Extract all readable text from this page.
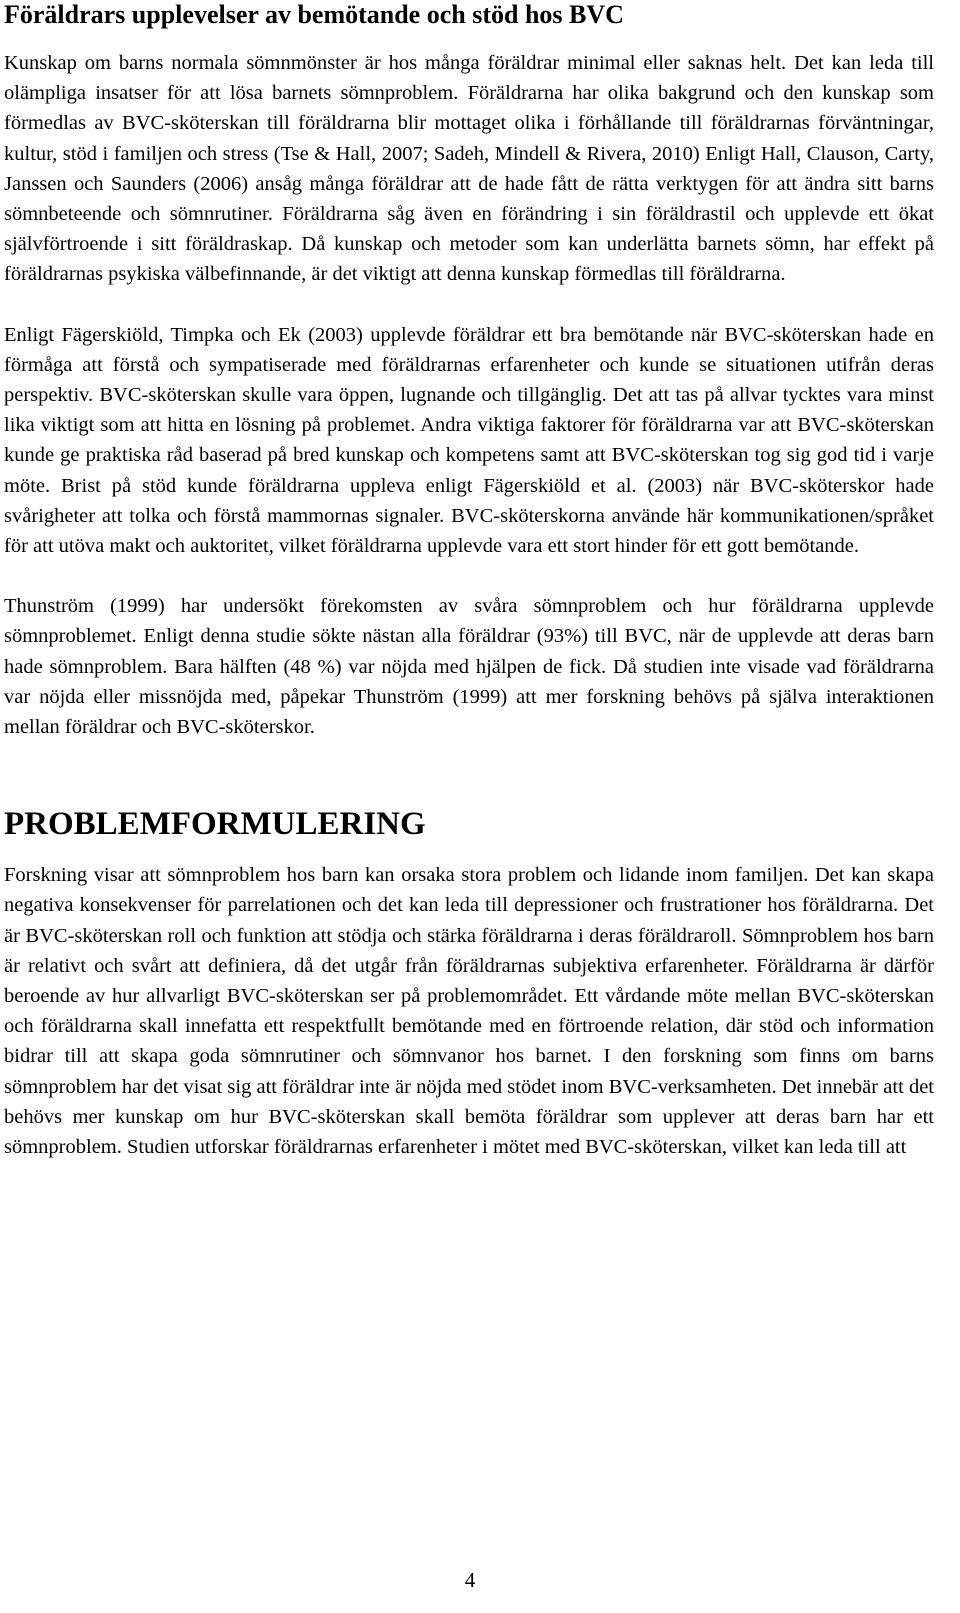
Föräldrars upplevelser av bemötande och stöd hos BVC

Kunskap om barns normala sömnmönster är hos många föräldrar minimal eller saknas helt. Det kan leda till olämpliga insatser för att lösa barnets sömnproblem. Föräldrarna har olika bakgrund och den kunskap som förmedlas av BVC-sköterskan till föräldrarna blir mottaget olika i förhållande till föräldrarnas förväntningar, kultur, stöd i familjen och stress (Tse & Hall, 2007; Sadeh, Mindell & Rivera, 2010) Enligt Hall, Clauson, Carty, Janssen och Saunders (2006) ansåg många föräldrar att de hade fått de rätta verktygen för att ändra sitt barns sömnbeteende och sömnrutiner. Föräldrarna såg även en förändring i sin föräldrastil och upplevde ett ökat självförtroende i sitt föräldraskap. Då kunskap och metoder som kan underlätta barnets sömn, har effekt på föräldrarnas psykiska välbefinnande, är det viktigt att denna kunskap förmedlas till föräldrarna.

Enligt Fägerskiöld, Timpka och Ek (2003) upplevde föräldrar ett bra bemötande när BVC-sköterskan hade en förmåga att förstå och sympatiserade med föräldrarnas erfarenheter och kunde se situationen utifrån deras perspektiv. BVC-sköterskan skulle vara öppen, lugnande och tillgänglig. Det att tas på allvar tycktes vara minst lika viktigt som att hitta en lösning på problemet. Andra viktiga faktorer för föräldrarna var att BVC-sköterskan kunde ge praktiska råd baserad på bred kunskap och kompetens samt att BVC-sköterskan tog sig god tid i varje möte. Brist på stöd kunde föräldrarna uppleva enligt Fägerskiöld et al. (2003) när BVC-sköterskor hade svårigheter att tolka och förstå mammornas signaler. BVC-sköterskorna använde här kommunikationen/språket för att utöva makt och auktoritet, vilket föräldrarna upplevde vara ett stort hinder för ett gott bemötande.

Thunström (1999) har undersökt förekomsten av svåra sömnproblem och hur föräldrarna upplevde sömnproblemet. Enligt denna studie sökte nästan alla föräldrar (93%) till BVC, när de upplevde att deras barn hade sömnproblem. Bara hälften (48 %) var nöjda med hjälpen de fick. Då studien inte visade vad föräldrarna var nöjda eller missnöjda med, påpekar Thunström (1999) att mer forskning behövs på själva interaktionen mellan föräldrar och BVC-sköterskor.

PROBLEMFORMULERING

Forskning visar att sömnproblem hos barn kan orsaka stora problem och lidande inom familjen. Det kan skapa negativa konsekvenser för parrelationen och det kan leda till depressioner och frustrationer hos föräldrarna. Det är BVC-sköterskan roll och funktion att stödja och stärka föräldrarna i deras föräldraroll. Sömnproblem hos barn är relativt och svårt att definiera, då det utgår från föräldrarnas subjektiva erfarenheter. Föräldrarna är därför beroende av hur allvarligt BVC-sköterskan ser på problemområdet. Ett vårdande möte mellan BVC-sköterskan och föräldrarna skall innefatta ett respektfullt bemötande med en förtroende relation, där stöd och information bidrar till att skapa goda sömnrutiner och sömnvanor hos barnet. I den forskning som finns om barns sömnproblem har det visat sig att föräldrar inte är nöjda med stödet inom BVC-verksamheten. Det innebär att det behövs mer kunskap om hur BVC-sköterskan skall bemöta föräldrar som upplever att deras barn har ett sömnproblem. Studien utforskar föräldrarnas erfarenheter i mötet med BVC-sköterskan, vilket kan leda till att

4
